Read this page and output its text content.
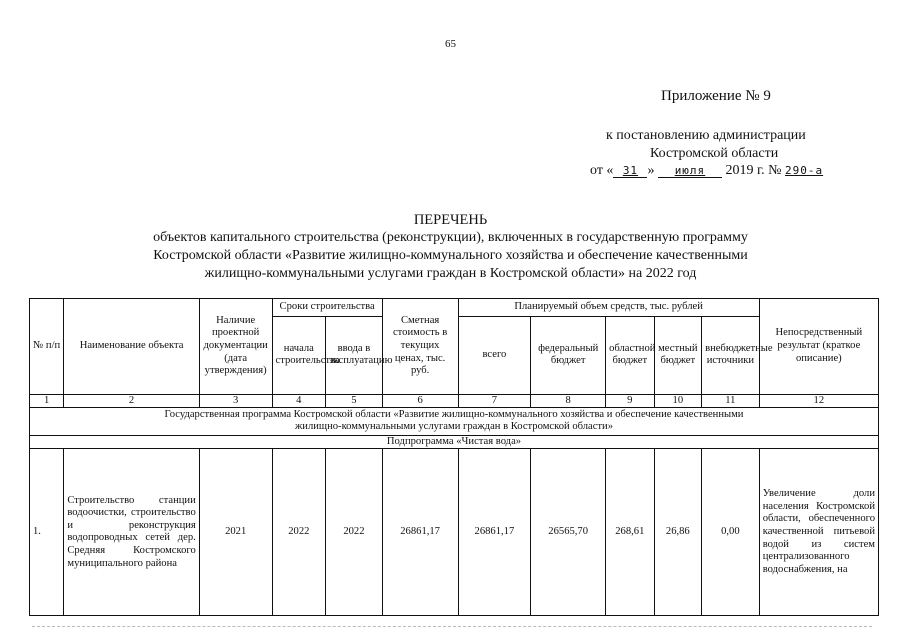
65
Приложение № 9
к постановлению администрации
Костромской области
от « 31 » июля 2019 г. № 290-а
ПЕРЕЧЕНЬ
объектов капитального строительства (реконструкции), включенных в государственную программу
Костромской области «Развитие жилищно-коммунального хозяйства и обеспечение качественными
жилищно-коммунальными услугами граждан в Костромской области» на 2022 год
№ п/п	Наименование объекта	Наличие проектной документации (дата утверждения)	Сроки строительства		Сметная стоимость в текущих ценах, тыс. руб.	Планируемый объем средств, тыс. рублей					Непосредственный результат (краткое описание)
			начала строительства	ввода в эксплуатацию		всего	федеральный бюджет	областной бюджет	местный бюджет	внебюджетные источники	
1	2	3	4	5	6	7	8	9	10	11	12
Государственная программа Костромской области «Развитие жилищно-коммунального хозяйства и обеспечение качественными жилищно-коммунальными услугами граждан в Костромской области»											
Подпрограмма «Чистая вода»											
1.	Строительство станции водоочистки, строительство и реконструкция водопроводных сетей дер. Средняя Костромского муниципального района	2021	2022	2022	26861,17	26861,17	26565,70	268,61	26,86	0,00	Увеличение доли населения Костромской области, обеспеченного качественной питьевой водой из систем централизованного водоснабжения, на
